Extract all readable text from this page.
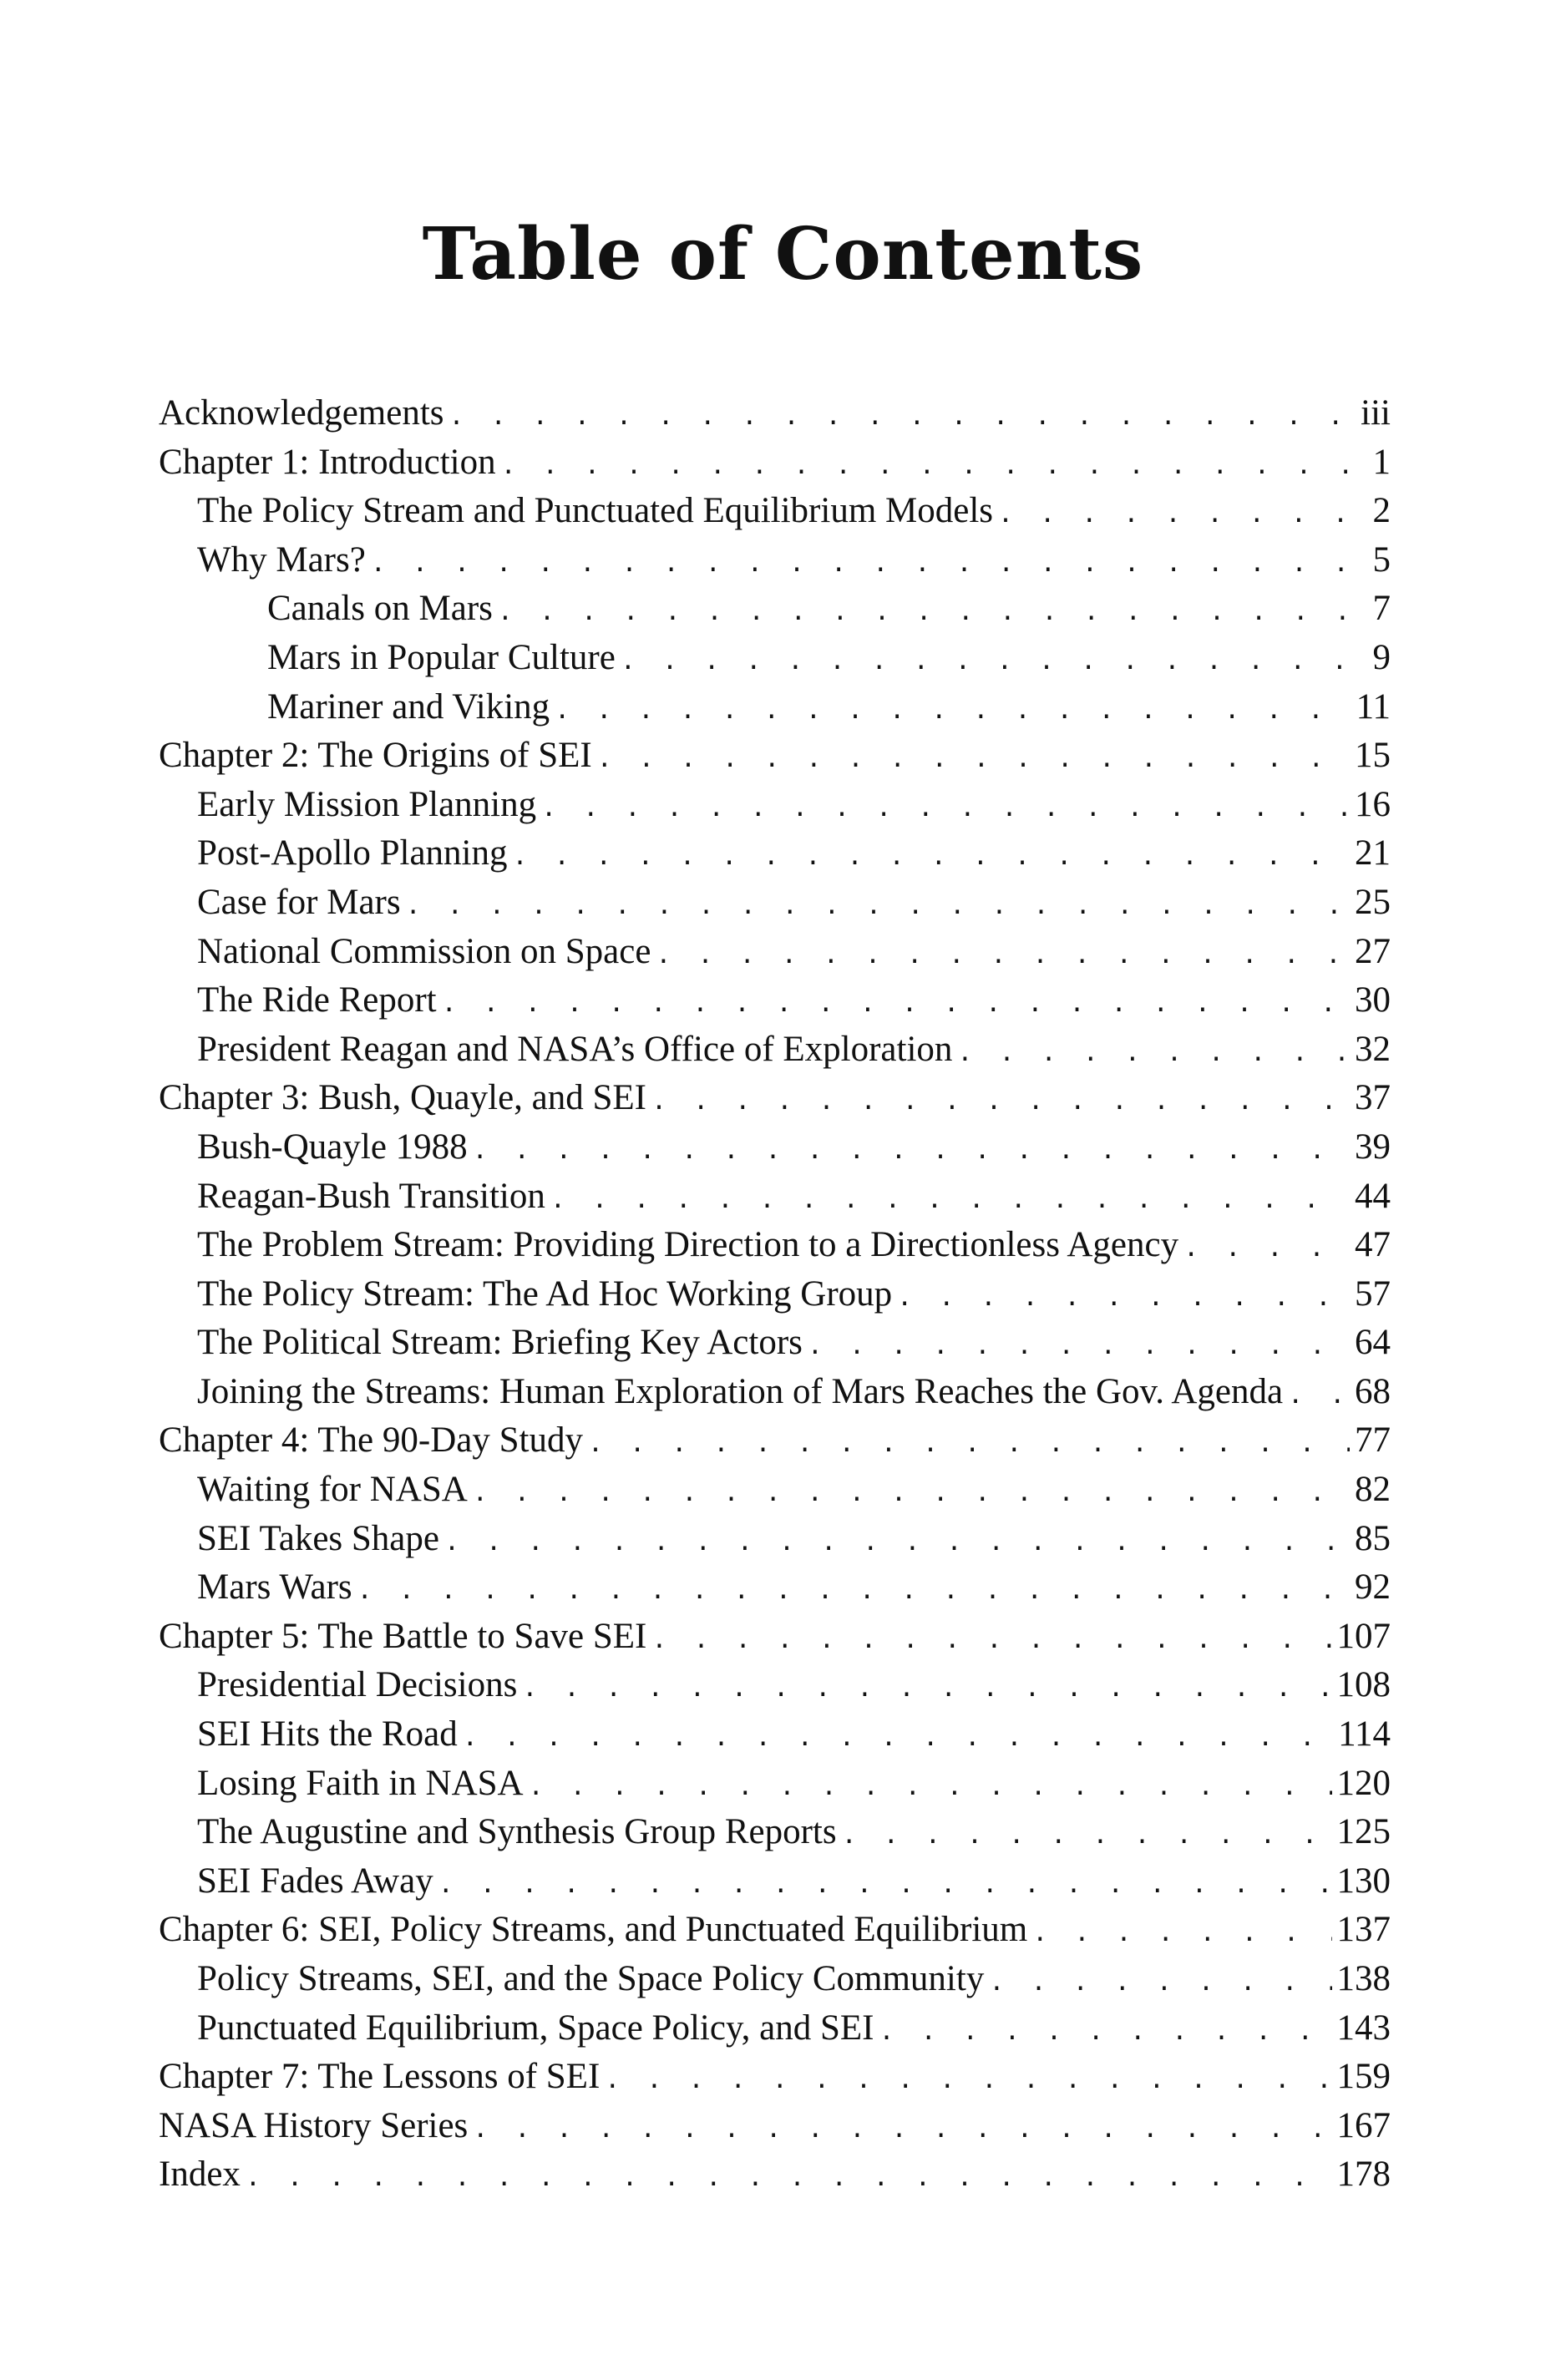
Table of Contents
Acknowledgements . . .	iii
Chapter 1: Introduction . . .	1
The Policy Stream and Punctuated Equilibrium Models . . .	2
Why Mars? . . .	5
Canals on Mars . . .	7
Mars in Popular Culture . . .	9
Mariner and Viking . . .	11
Chapter 2: The Origins of SEI . . .	15
Early Mission Planning . . .	16
Post-Apollo Planning . . .	21
Case for Mars . . .	25
National Commission on Space . . .	27
The Ride Report . . .	30
President Reagan and NASA’s Office of Exploration . . .	32
Chapter 3: Bush, Quayle, and SEI . . .	37
Bush-Quayle 1988 . . .	39
Reagan-Bush Transition . . .	44
The Problem Stream: Providing Direction to a Directionless Agency . . .	47
The Policy Stream: The Ad Hoc Working Group . . .	57
The Political Stream: Briefing Key Actors . . .	64
Joining the Streams: Human Exploration of Mars Reaches the Gov. Agenda . . . 68
Chapter 4: The 90-Day Study . . .	77
Waiting for NASA . . .	82
SEI Takes Shape . . .	85
Mars Wars . . .	92
Chapter 5: The Battle to Save SEI . . .	107
Presidential Decisions . . .	108
SEI Hits the Road . . .	114
Losing Faith in NASA . . .	120
The Augustine and Synthesis Group Reports . . .	125
SEI Fades Away . . .	130
Chapter 6: SEI, Policy Streams, and Punctuated Equilibrium . . .	137
Policy Streams, SEI, and the Space Policy Community . . .	138
Punctuated Equilibrium, Space Policy, and SEI . . .	143
Chapter 7: The Lessons of SEI . . .	159
NASA History Series . . .	167
Index . . .	178
